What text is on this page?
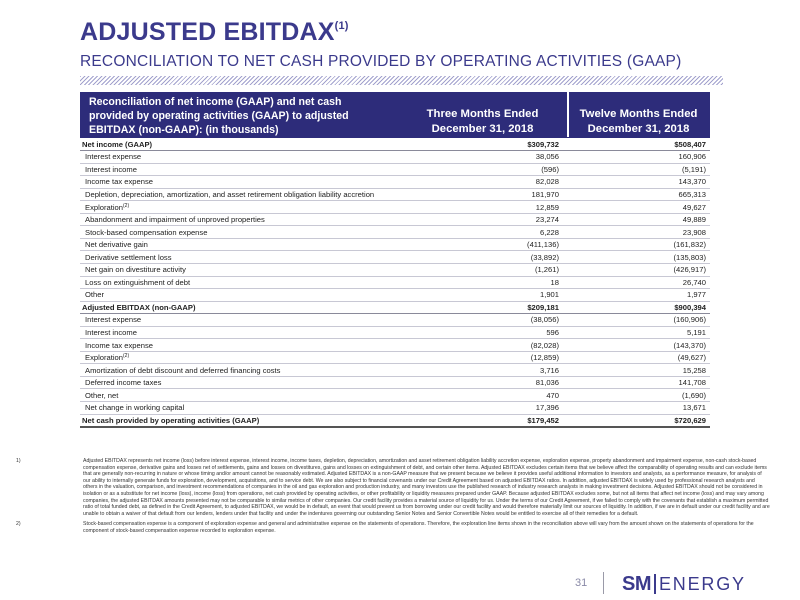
ADJUSTED EBITDAX$^{(1)}$
RECONCILIATION TO NET CASH PROVIDED BY OPERATING ACTIVITIES (GAAP)
Reconciliation of net income (GAAP) and net cash provided by operating activities (GAAP) to adjusted EBITDAX (non-GAAP): (in thousands)
Three Months Ended
December 31, 2018
Twelve Months Ended
December 31, 2018
Net income (GAAP)	$309,732	$508,407
Interest expense	38,056	160,906
Interest income	(596)	(5,191)
Income tax expense	82,028	143,370
Depletion, depreciation, amortization, and asset retirement obligation liability accretion	181,970	665,313
Exploration$^{(2)}$	12,859	49,627
Abandonment and impairment of unproved properties	23,274	49,889
Stock-based compensation expense	6,228	23,908
Net derivative gain	(411,136)	(161,832)
Derivative settlement loss	(33,892)	(135,803)
Net gain on divestiture activity	(1,261)	(426,917)
Loss on extinguishment of debt	18	26,740
Other	1,901	1,977
Adjusted EBITDAX (non-GAAP)	$209,181	$900,394
Interest expense	(38,056)	(160,906)
Interest income	596	5,191
Income tax expense	(82,028)	(143,370)
Exploration$^{(2)}$	(12,859)	(49,627)
Amortization of debt discount and deferred financing costs	3,716	15,258
Deferred income taxes	81,036	141,708
Other, net	470	(1,690)
Net change in working capital	17,396	13,671
Net cash provided by operating activities (GAAP)	$179,452	$720,629
1)	Adjusted EBITDAX represents net income (loss) before interest expense, interest income, income taxes, depletion, depreciation, amortization and asset retirement obligation liability accretion expense, exploration expense, property abandonment and impairment expense, non-cash stock-based compensation expense, derivative gains and losses net of settlements, gains and losses on divestitures, gains and losses on extinguishment of debt, and certain other items. Adjusted EBITDAX excludes certain items that we believe affect the comparability of operating results and can exclude items that are generally non-recurring in nature or whose timing and/or amount cannot be reasonably estimated. Adjusted EBITDAX is a non-GAAP measure that we present because we believe it provides useful additional information to investors and analysts, as a performance measure, for analysis of our ability to internally generate funds for exploration, development, acquisitions, and to service debt. We are also subject to financial covenants under our Credit Agreement based on adjusted EBITDAX ratios. In addition, adjusted EBITDAX is widely used by professional research analysts and others in the valuation, comparison, and investment recommendations of companies in the oil and gas exploration and production industry, and many investors use the published research of industry research analysts in making investment decisions. Adjusted EBITDAX should not be considered in isolation or as a substitute for net income (loss), income (loss) from operations, net cash provided by operating activities, or other profitability or liquidity measures prepared under GAAP. Because adjusted EBITDAX excludes some, but not all items that affect net income (loss) and may vary among companies, the adjusted EBITDAX amounts presented may not be comparable to similar metrics of other companies. Our credit facility provides a material source of liquidity for us. Under the terms of our Credit Agreement, if we failed to comply with the covenants that establish a maximum permitted ratio of total funded debt, as defined in the Credit Agreement, to adjusted EBITDAX, we would be in default, an event that would prevent us from borrowing under our credit facility and would therefore materially limit our sources of liquidity. In addition, if we are in default under our credit facility and are unable to obtain a waiver of that default from our lenders, lenders under that facility and under the indentures governing our outstanding Senior Notes and Senior Convertible Notes would be entitled to exercise all of their remedies for a default.
2)	Stock-based compensation expense is a component of exploration expense and general and administrative expense on the statements of operations. Therefore, the exploration line items shown in the reconciliation above will vary from the amount shown on the statements of operations for the component of stock-based compensation expense recorded to exploration expense.
31 SM ENERGY
